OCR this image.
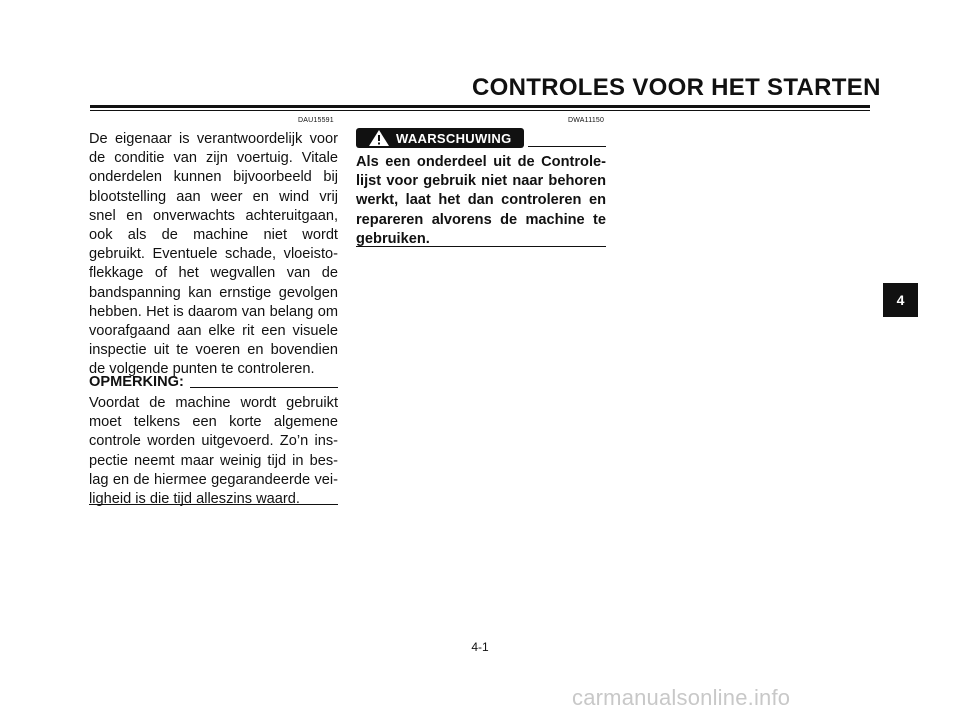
CONTROLES VOOR HET STARTEN
DAU15591
De eigenaar is verantwoordelijk voor
de conditie van zijn voertuig. Vitale
onderdelen kunnen bijvoorbeeld bij
blootstelling aan weer en wind vrij
snel en onverwachts achteruitgaan,
ook als de machine niet wordt
gebruikt. Eventuele schade, vloeisto-
flekkage of het wegvallen van de
bandspanning kan ernstige gevolgen
hebben. Het is daarom van belang om
voorafgaand aan elke rit een visuele
inspectie uit te voeren en bovendien
de volgende punten te controleren.
OPMERKING:
Voordat de machine wordt gebruikt
moet telkens een korte algemene
controle worden uitgevoerd. Zo’n ins-
pectie neemt maar weinig tijd in bes-
lag en de hiermee gegarandeerde vei-
ligheid is die tijd alleszins waard.
DWA11150
WAARSCHUWING
Als een onderdeel uit de Controle-
lijst voor gebruik niet naar behoren
werkt, laat het dan controleren en
repareren alvorens de machine te
gebruiken.
4
4-1
carmanualsonline.info
